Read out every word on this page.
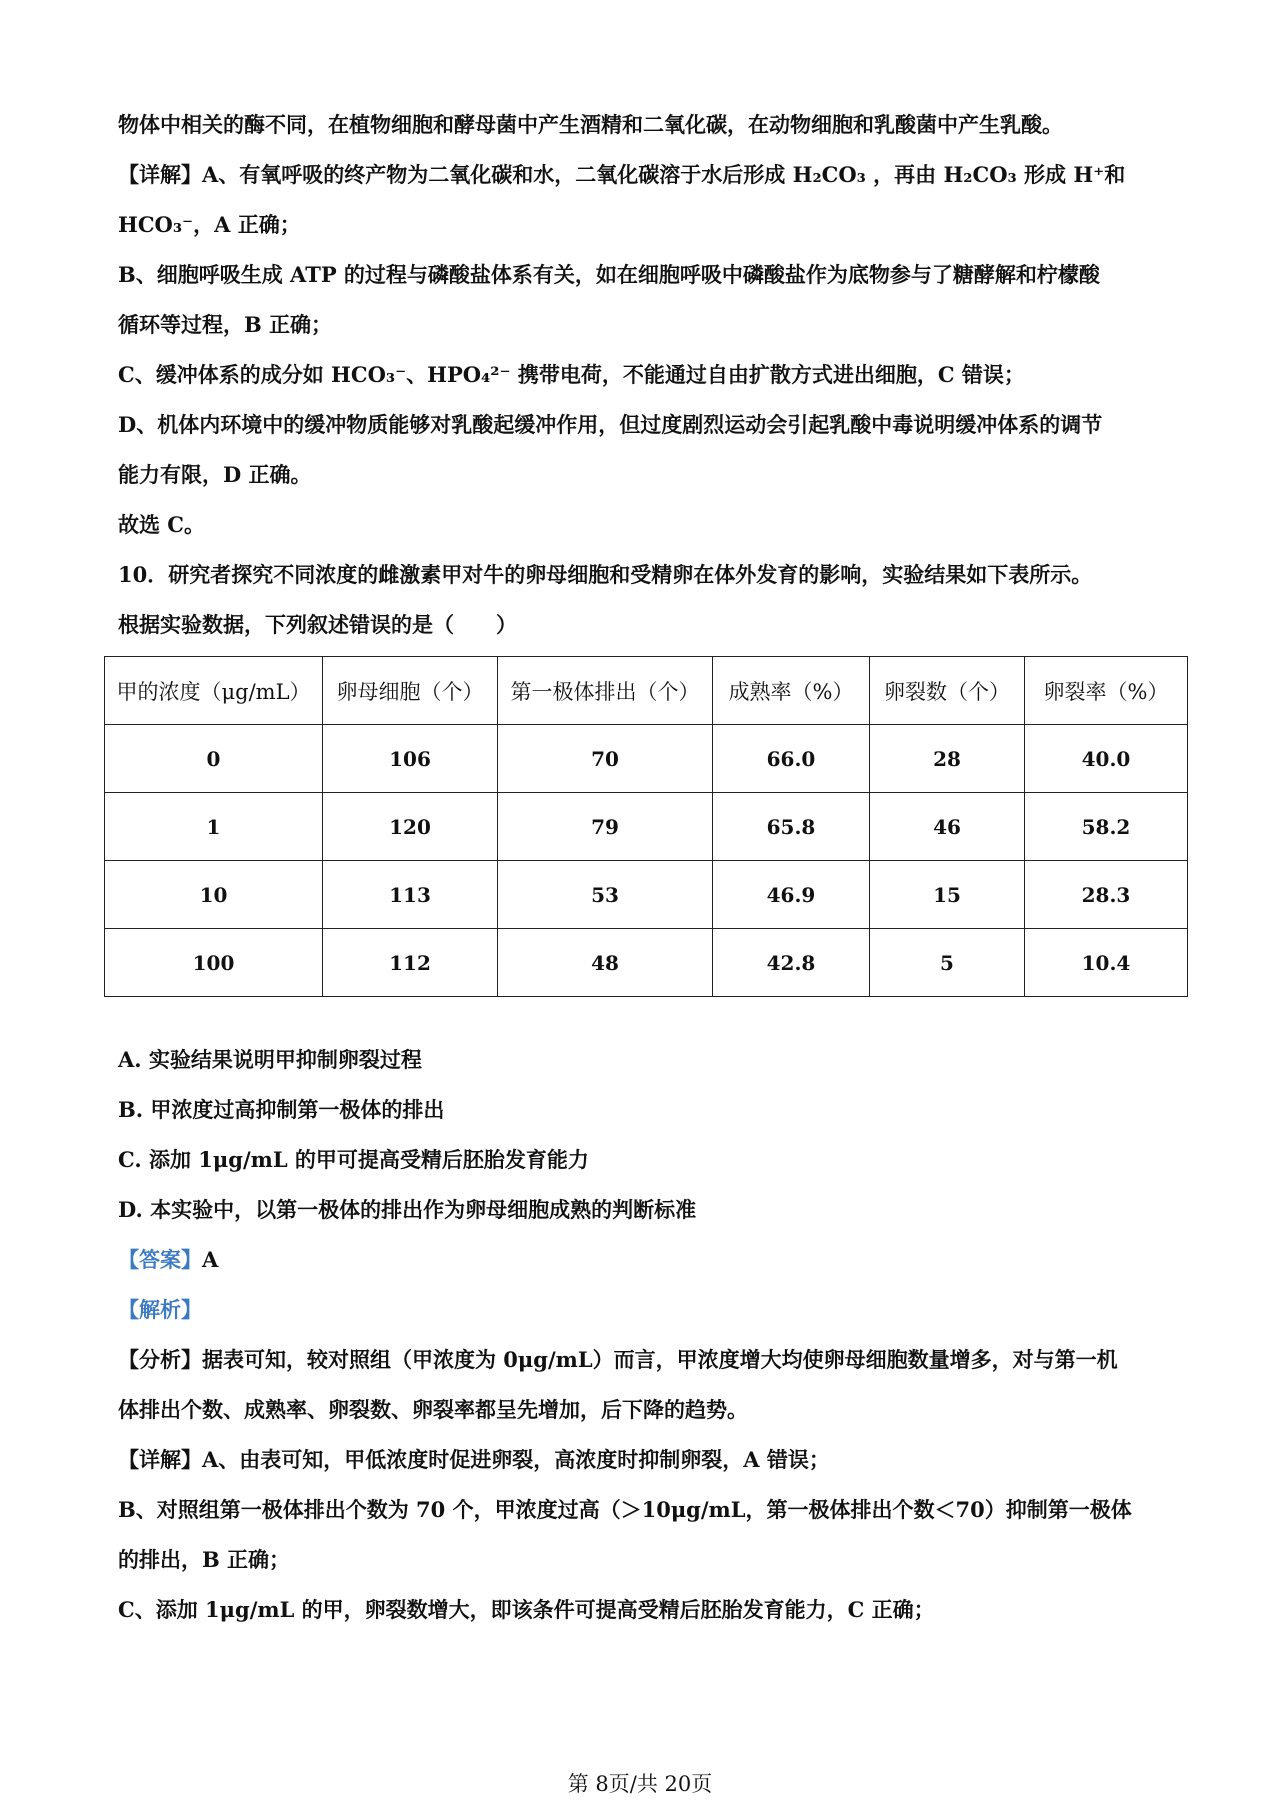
物体中相关的酶不同，在植物细胞和酵母菌中产生酒精和二氧化碳，在动物细胞和乳酸菌中产生乳酸。
【详解】A、有氧呼吸的终产物为二氧化碳和水，二氧化碳溶于水后形成 H₂CO₃ ，再由 H₂CO₃ 形成 H⁺和
HCO₃⁻，A 正确；
B、细胞呼吸生成 ATP 的过程与磷酸盐体系有关，如在细胞呼吸中磷酸盐作为底物参与了糖酵解和柠檬酸
循环等过程，B 正确；
C、缓冲体系的成分如 HCO₃⁻、HPO₄²⁻ 携带电荷，不能通过自由扩散方式进出细胞，C 错误；
D、机体内环境中的缓冲物质能够对乳酸起缓冲作用，但过度剧烈运动会引起乳酸中毒说明缓冲体系的调节
能力有限，D 正确。
故选 C。
10．研究者探究不同浓度的雌激素甲对牛的卵母细胞和受精卵在体外发育的影响，实验结果如下表所示。
根据实验数据，下列叙述错误的是（　　）
甲的浓度（μg/mL）	卵母细胞（个）	第一极体排出（个）	成熟率（%）	卵裂数（个）	卵裂率（%）
0	106	70	66.0	28	40.0
1	120	79	65.8	46	58.2
10	113	53	46.9	15	28.3
100	112	48	42.8	5	10.4
A. 实验结果说明甲抑制卵裂过程
B. 甲浓度过高抑制第一极体的排出
C. 添加 1μg/mL 的甲可提高受精后胚胎发育能力
D. 本实验中，以第一极体的排出作为卵母细胞成熟的判断标准
【答案】A
【解析】
【分析】据表可知，较对照组（甲浓度为 0μg/mL）而言，甲浓度增大均使卵母细胞数量增多，对与第一机
体排出个数、成熟率、卵裂数、卵裂率都呈先增加，后下降的趋势。
【详解】A、由表可知，甲低浓度时促进卵裂，高浓度时抑制卵裂，A 错误；
B、对照组第一极体排出个数为 70 个，甲浓度过高（＞10μg/mL，第一极体排出个数＜70）抑制第一极体
的排出，B 正确；
C、添加 1μg/mL 的甲，卵裂数增大，即该条件可提高受精后胚胎发育能力，C 正确；
第 8页/共 20页
